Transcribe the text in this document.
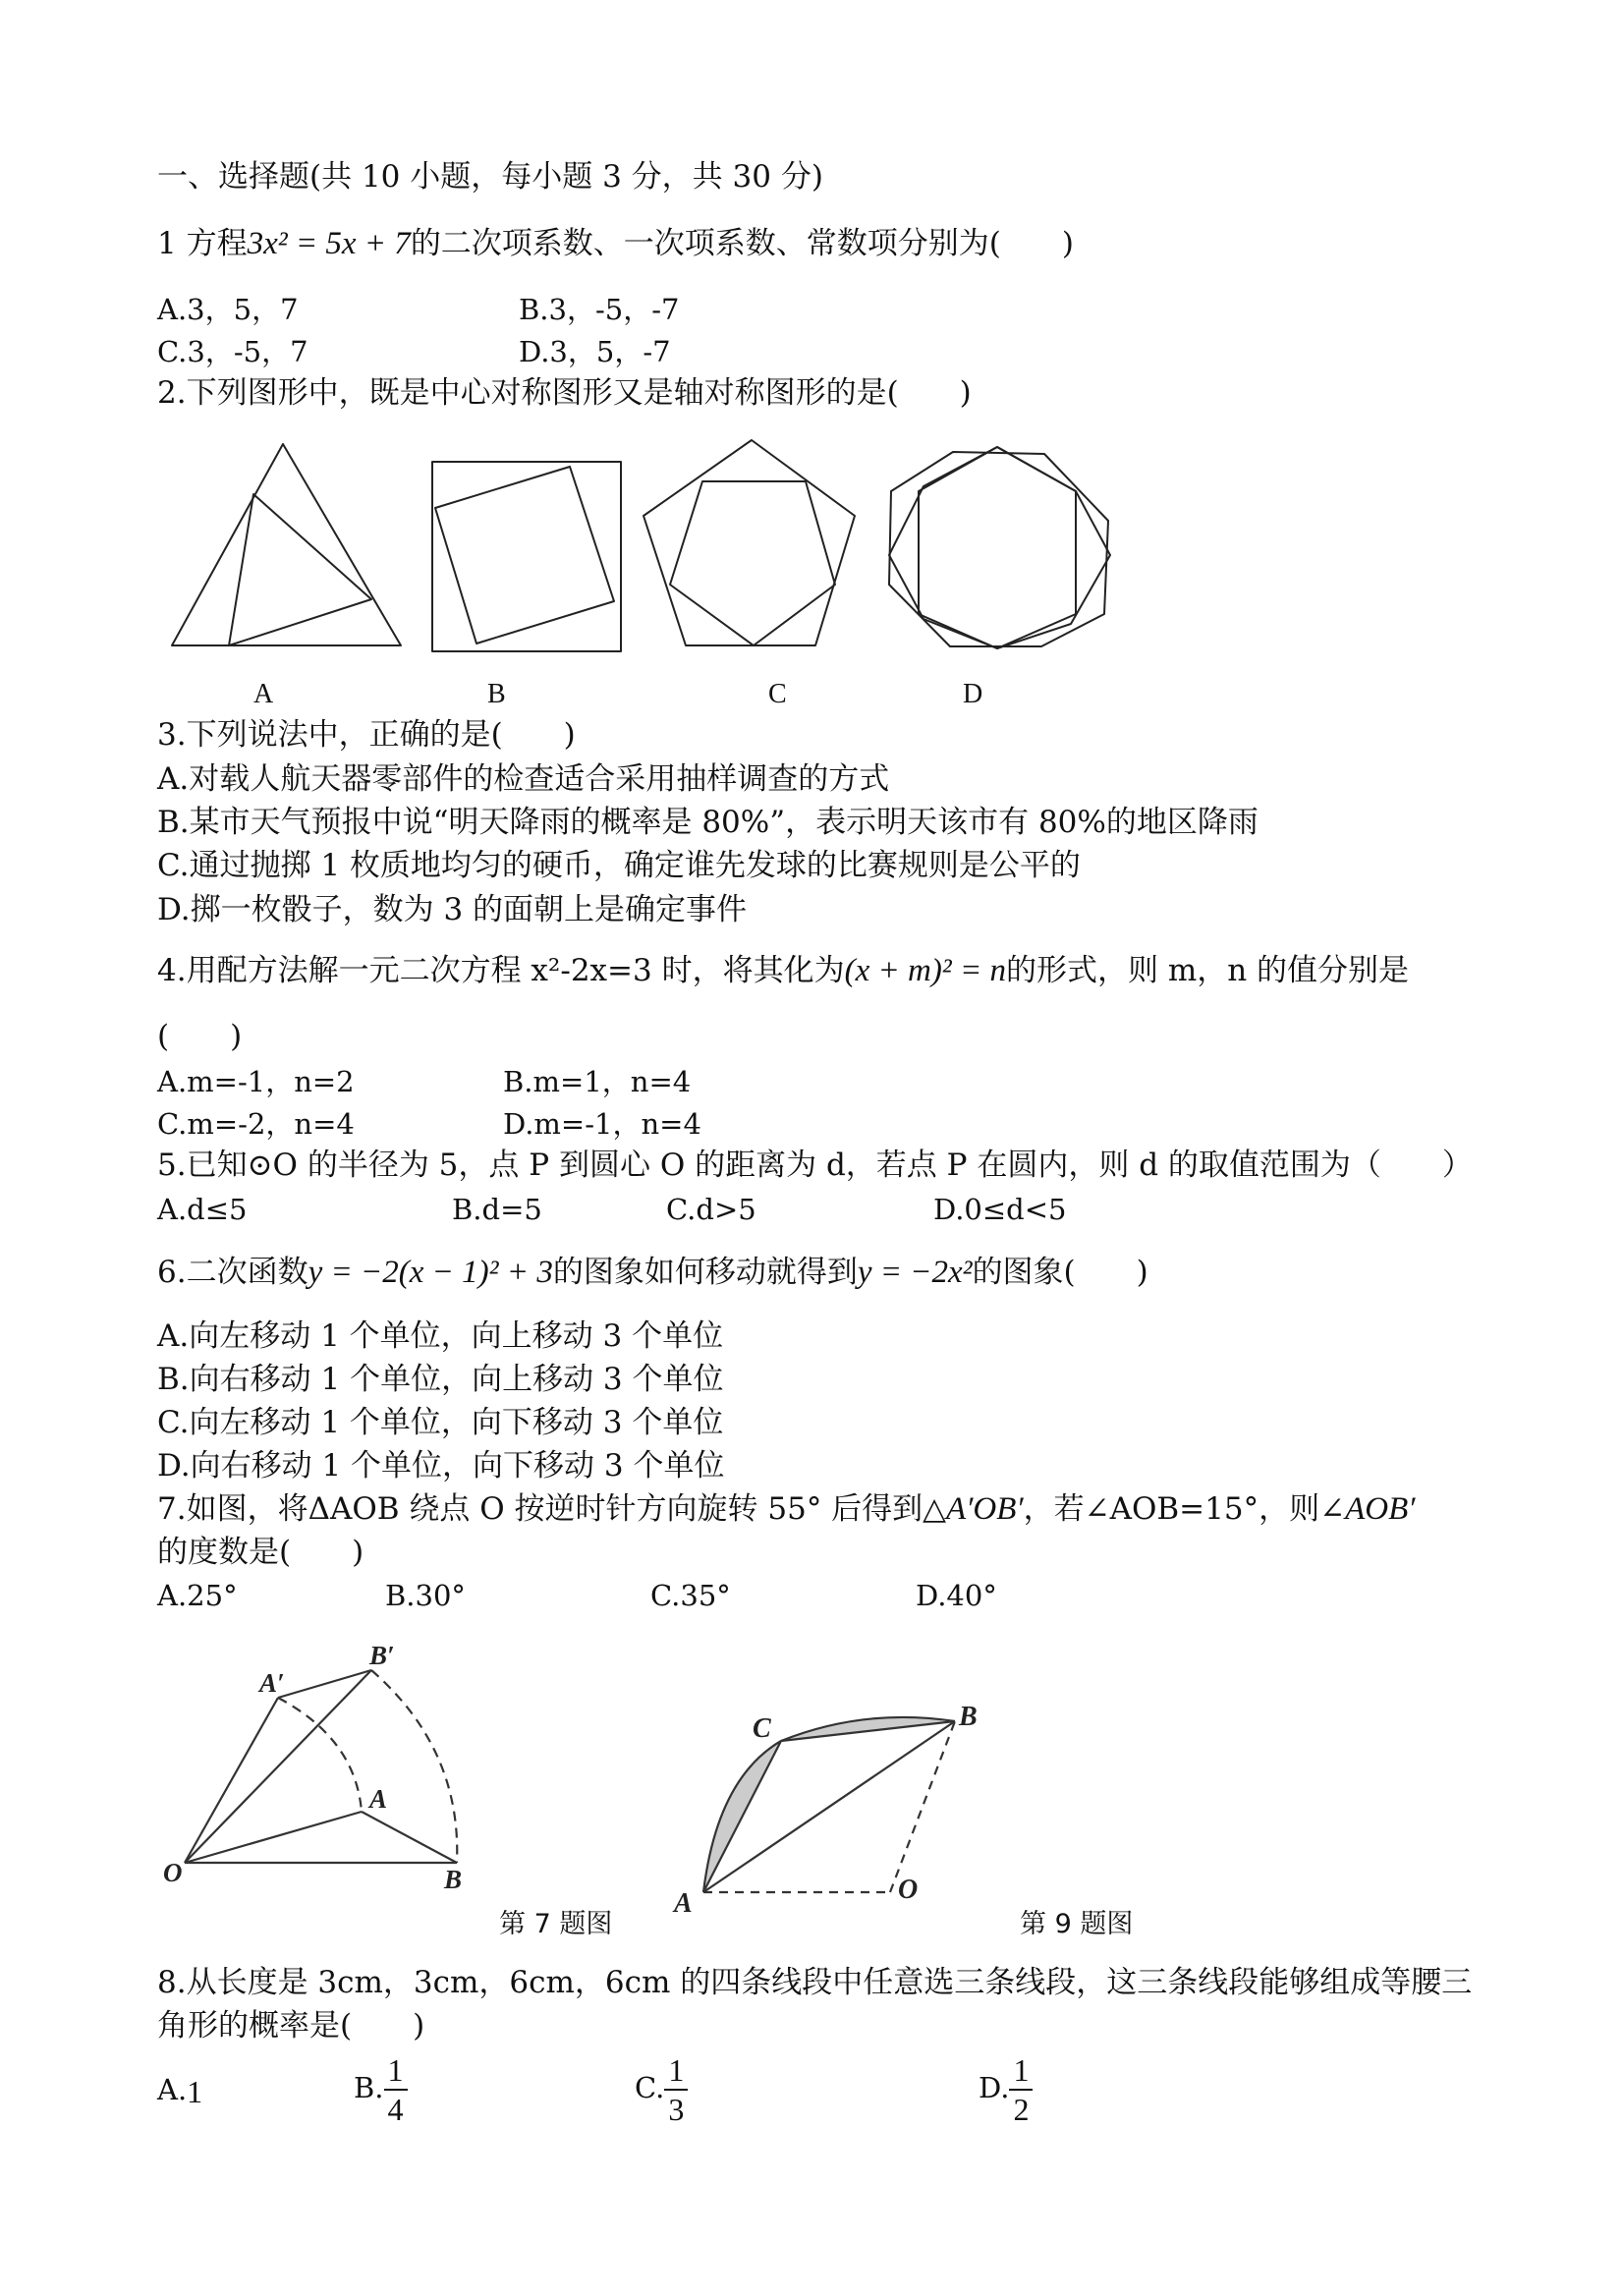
一、选择题(共 10 小题，每小题 3 分，共 30 分)
1 方程3x² = 5x + 7的二次项系数、一次项系数、常数项分别为(　　)
A.3，5，7	B.3，-5，-7
C.3，-5，7	D.3，5，-7
2.下列图形中，既是中心对称图形又是轴对称图形的是(　　)
A	B	C	D
3.下列说法中，正确的是(　　)
A.对载人航天器零部件的检查适合采用抽样调查的方式
B.某市天气预报中说“明天降雨的概率是 80%”，表示明天该市有 80%的地区降雨
C.通过抛掷 1 枚质地均匀的硬币，确定谁先发球的比赛规则是公平的
D.掷一枚骰子，数为 3 的面朝上是确定事件
4.用配方法解一元二次方程 x²-2x=3 时，将其化为(x + m)² = n的形式，则 m，n 的值分别是
(　　)
A.m=-1，n=2	B.m=1，n=4
C.m=-2，n=4	D.m=-1，n=4
5.已知⊙O 的半径为 5，点 P 到圆心 O 的距离为 d，若点 P 在圆内，则 d 的取值范围为（　　）
A.d≤5	B.d=5	C.d>5	D.0≤d<5
6.二次函数y = −2(x − 1)² + 3的图象如何移动就得到y = −2x²的图象(　　)
A.向左移动 1 个单位，向上移动 3 个单位
B.向右移动 1 个单位，向上移动 3 个单位
C.向左移动 1 个单位，向下移动 3 个单位
D.向右移动 1 个单位，向下移动 3 个单位
7.如图，将ΔAOB 绕点 O 按逆时针方向旋转 55° 后得到△A′OB′，若∠AOB=15°，则∠AOB′
的度数是(　　)
A.25°	B.30°	C.35°	D.40°
O
A
B
A′
B′
第 7 题图
A
B
C
O
第 9 题图
8.从长度是 3cm，3cm，6cm，6cm 的四条线段中任意选三条线段，这三条线段能够组成等腰三
角形的概率是(　　)
A.1	B. $\frac{1}{4}$	C. $\frac{1}{3}$	D. $\frac{1}{2}$
